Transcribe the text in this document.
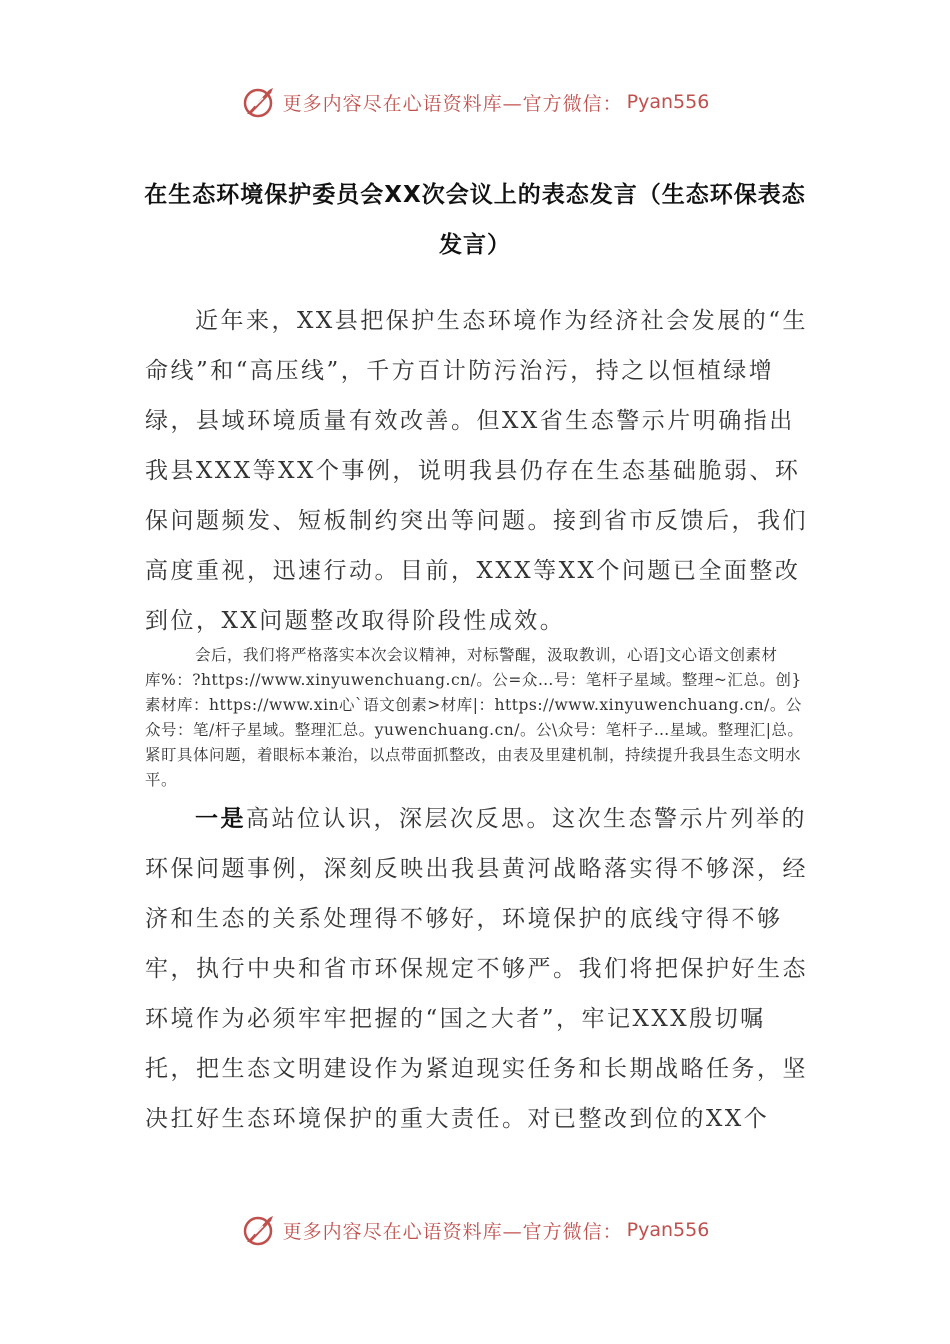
更多内容尽在心语资料库—官方微信： Pyan556
在生态环境保护委员会XX次会议上的表态发言（生态环保表态发言）

近年来，XX县把保护生态环境作为经济社会发展的“生命线”和“高压线”，千方百计防污治污，持之以恒植绿增绿，县域环境质量有效改善。但XX省生态警示片明确指出我县XXX等XX个事例，说明我县仍存在生态基础脆弱、环保问题频发、短板制约突出等问题。接到省市反馈后，我们高度重视，迅速行动。目前，XXX等XX个问题已全面整改到位，XX问题整改取得阶段性成效。

会后，我们将严格落实本次会议精神，对标警醒，汲取教训，心语]文心语文创素材库%：?https://www.xinyuwenchuang.cn/。公=众…号：笔杆子星域。整理~汇总。创}素材库：https://www.xin心`语文创素>材库|：https://www.xinyuwenchuang.cn/。公众号：笔/杆子星域。整理汇总。yuwenchuang.cn/。公\众号：笔杆子…星域。整理汇|总。紧盯具体问题，着眼标本兼治，以点带面抓整改，由表及里建机制，持续提升我县生态文明水平。

一是高站位认识，深层次反思。这次生态警示片列举的环保问题事例，深刻反映出我县黄河战略落实得不够深，经济和生态的关系处理得不够好，环境保护的底线守得不够牢，执行中央和省市环保规定不够严。我们将把保护好生态环境作为必须牢牢把握的“国之大者”，牢记XXX殷切嘱托，把生态文明建设作为紧迫现实任务和长期战略任务，坚决扛好生态环境保护的重大责任。对已整改到位的XX个

更多内容尽在心语资料库—官方微信： Pyan556
